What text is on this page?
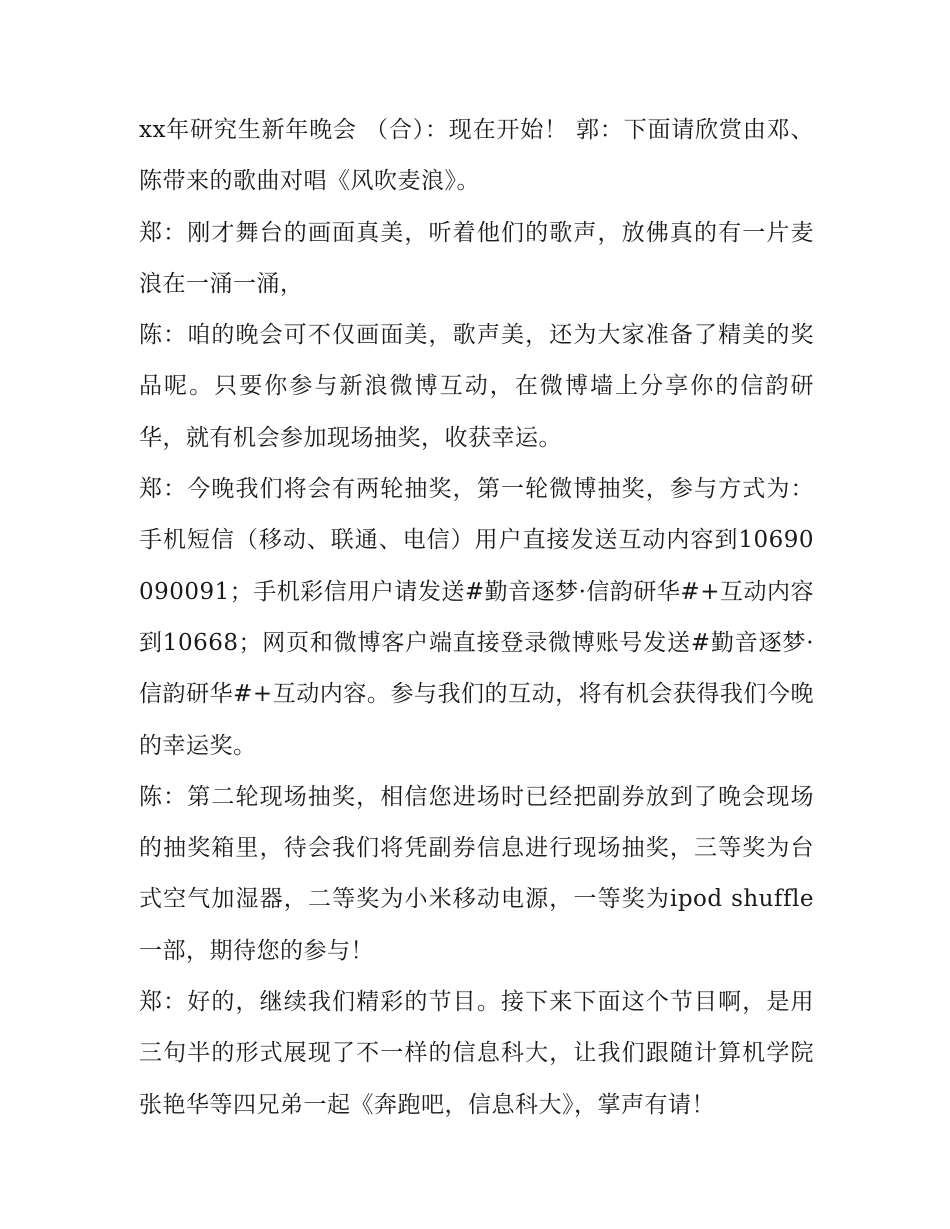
xx年研究生新年晚会 （合）：现在开始！ 郭：下面请欣赏由邓、陈带来的歌曲对唱《风吹麦浪》。

郑：刚才舞台的画面真美，听着他们的歌声，放佛真的有一片麦浪在一涌一涌，

陈：咱的晚会可不仅画面美，歌声美，还为大家准备了精美的奖品呢。只要你参与新浪微博互动，在微博墙上分享你的信韵研华，就有机会参加现场抽奖，收获幸运。

郑：今晚我们将会有两轮抽奖，第一轮微博抽奖，参与方式为：手机短信（移动、联通、电信）用户直接发送互动内容到10690090091；手机彩信用户请发送#勤音逐梦·信韵研华#+互动内容到10668；网页和微博客户端直接登录微博账号发送#勤音逐梦·信韵研华#+互动内容。参与我们的互动，将有机会获得我们今晚的幸运奖。

陈：第二轮现场抽奖，相信您进场时已经把副券放到了晚会现场的抽奖箱里，待会我们将凭副券信息进行现场抽奖，三等奖为台式空气加湿器，二等奖为小米移动电源，一等奖为ipod shuffle一部，期待您的参与！

郑：好的，继续我们精彩的节目。接下来下面这个节目啊，是用三句半的形式展现了不一样的信息科大，让我们跟随计算机学院张艳华等四兄弟一起《奔跑吧，信息科大》，掌声有请！
